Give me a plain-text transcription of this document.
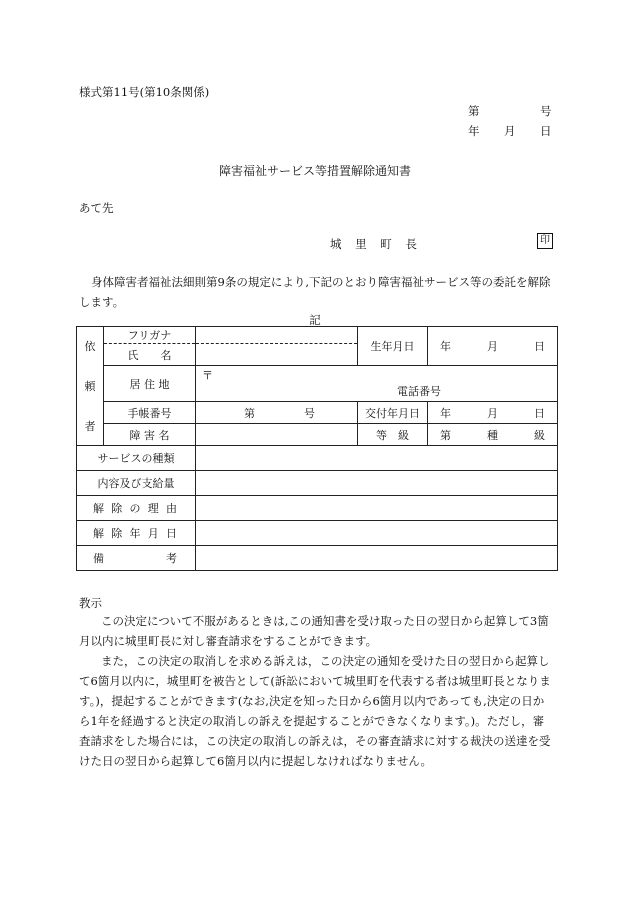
様式第11号(第10条関係)
第	号
年 月 日
障害福祉サービス等措置解除通知書
あて先
城 里 町 長	印
身体障害者福祉法細則第9条の規定により,下記のとおり障害福祉サービス等の委託を解除します。
記
依
頼
者	フリガナ		生年月日	年 月 日

	氏　　名			
	居 住 地	〒
電話番号		

	手帳番号	第 号	交付年月日	年 月 日

	障 害 名		等　級	第 種 級

サービスの種類				
内容及び支給量				

解 除 の 理 由				

解 除 年 月 日				

備 考				

教示
この決定について不服があるときは,この通知書を受け取った日の翌日から起算して3箇月以内に城里町長に対し審査請求をすることができます。
また，この決定の取消しを求める訴えは，この決定の通知を受けた日の翌日から起算して6箇月以内に，城里町を被告として(訴訟において城里町を代表する者は城里町長となります。)，提起することができます(なお,決定を知った日から6箇月以内であっても,決定の日から1年を経過すると決定の取消しの訴えを提起することができなくなります。)。ただし，審査請求をした場合には，この決定の取消しの訴えは，その審査請求に対する裁決の送達を受けた日の翌日から起算して6箇月以内に提起しなければなりません。
